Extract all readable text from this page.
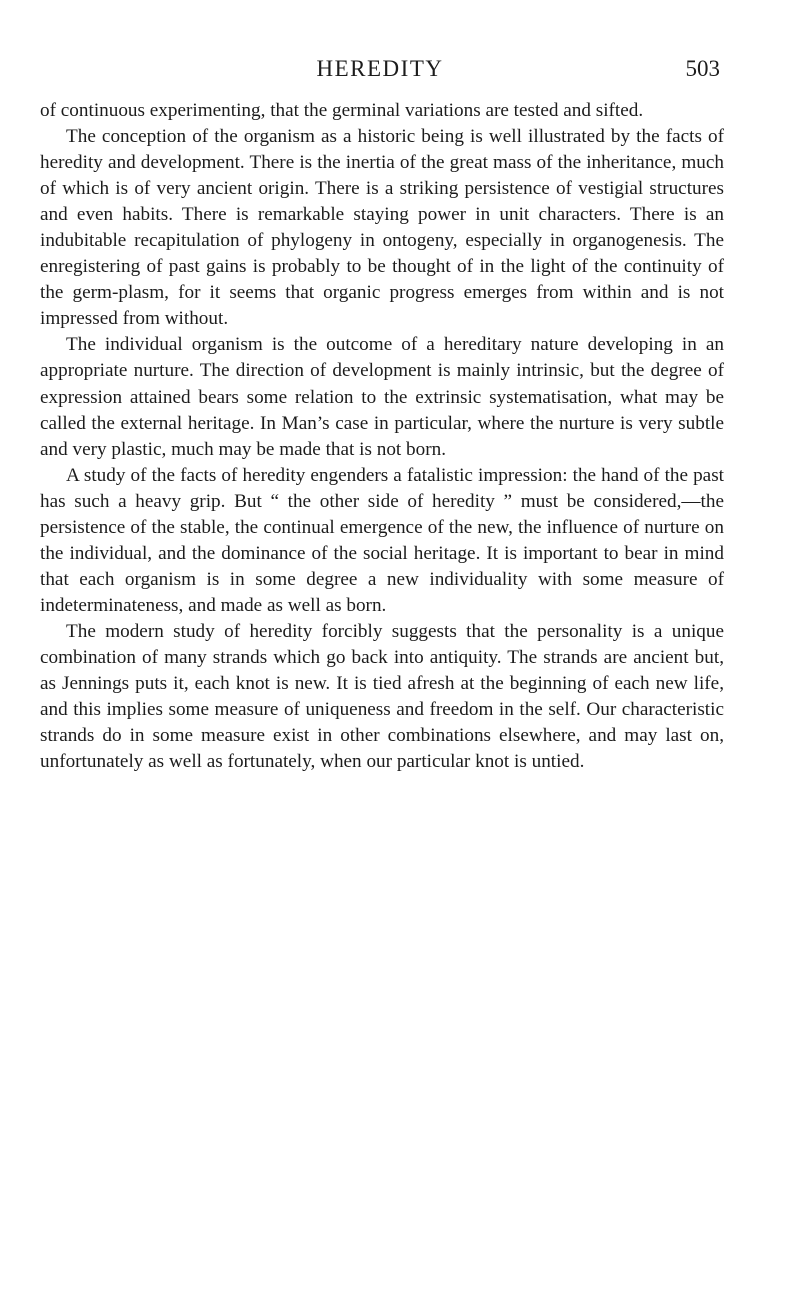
HEREDITY	503

of continuous experimenting, that the germinal variations are tested and sifted.

The conception of the organism as a historic being is well illustrated by the facts of heredity and development. There is the inertia of the great mass of the inheritance, much of which is of very ancient origin. There is a striking persistence of vestigial structures and even habits. There is remarkable staying power in unit characters. There is an indubitable recapitulation of phylogeny in ontogeny, especially in organogenesis. The enregistering of past gains is probably to be thought of in the light of the continuity of the germ-plasm, for it seems that organic progress emerges from within and is not impressed from without.

The individual organism is the outcome of a hereditary nature developing in an appropriate nurture. The direction of development is mainly intrinsic, but the degree of expression attained bears some relation to the extrinsic systematisation, what may be called the external heritage. In Man’s case in particular, where the nurture is very subtle and very plastic, much may be made that is not born.

A study of the facts of heredity engenders a fatalistic impression: the hand of the past has such a heavy grip. But “ the other side of heredity ” must be considered,—the persistence of the stable, the continual emergence of the new, the influence of nurture on the individual, and the dominance of the social heritage. It is important to bear in mind that each organism is in some degree a new individuality with some measure of indeterminateness, and made as well as born.

The modern study of heredity forcibly suggests that the personality is a unique combination of many strands which go back into antiquity. The strands are ancient but, as Jennings puts it, each knot is new. It is tied afresh at the beginning of each new life, and this implies some measure of uniqueness and freedom in the self. Our characteristic strands do in some measure exist in other combinations elsewhere, and may last on, unfortunately as well as fortunately, when our particular knot is untied.
